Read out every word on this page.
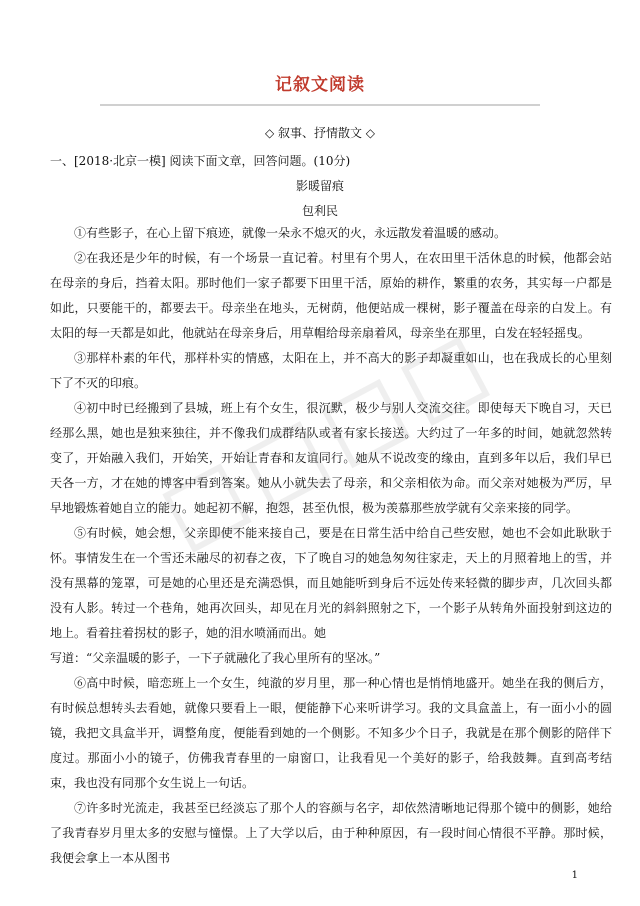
记叙文阅读
◇ 叙事、抒情散文 ◇
一、[2018·北京一模] 阅读下面文章，回答问题。(10分)
影暖留痕
包利民

①有些影子，在心上留下痕迹，就像一朵永不熄灭的火，永远散发着温暖的感动。

②在我还是少年的时候，有一个场景一直记着。村里有个男人，在农田里干活休息的时候，他都会站在母亲的身后，挡着太阳。那时他们一家子都要下田里干活，原始的耕作，繁重的农务，其实每一户都是如此，只要能干的，都要去干。母亲坐在地头，无树荫，他便站成一棵树，影子覆盖在母亲的白发上。有太阳的每一天都是如此，他就站在母亲身后，用草帽给母亲扇着风，母亲坐在那里，白发在轻轻摇曳。

③那样朴素的年代，那样朴实的情感，太阳在上，并不高大的影子却凝重如山，也在我成长的心里刻下了不灭的印痕。

④初中时已经搬到了县城，班上有个女生，很沉默，极少与别人交流交往。即使每天下晚自习，天已经那么黑，她也是独来独往，并不像我们成群结队或者有家长接送。大约过了一年多的时间，她就忽然转变了，开始融入我们，开始笑，开始让青春和友谊同行。她从不说改变的缘由，直到多年以后，我们早已天各一方，才在她的博客中看到答案。她从小就失去了母亲，和父亲相依为命。而父亲对她极为严厉，早早地锻炼着她自立的能力。她起初不解，抱怨，甚至仇恨，极为羡慕那些放学就有父亲来接的同学。

⑤有时候，她会想，父亲即使不能来接自己，要是在日常生活中给自己些安慰，她也不会如此耿耿于怀。事情发生在一个雪还未融尽的初春之夜，下了晚自习的她急匆匆往家走，天上的月照着地上的雪，并没有黑幕的笼罩，可是她的心里还是充满恐惧，而且她能听到身后不远处传来轻微的脚步声，几次回头都没有人影。转过一个巷角，她再次回头，却见在月光的斜斜照射之下，一个影子从转角外面投射到这边的地上。看着拄着拐杖的影子，她的泪水喷涌而出。她

写道：“父亲温暖的影子，一下子就融化了我心里所有的坚冰。”

⑥高中时候，暗恋班上一个女生，纯澈的岁月里，那一种心情也是悄悄地盛开。她坐在我的侧后方，有时候总想转头去看她，就像只要看上一眼，便能静下心来听讲学习。我的文具盒盖上，有一面小小的圆镜，我把文具盒半开，调整角度，便能看到她的一个侧影。不知多少个日子，我就是在那个侧影的陪伴下度过。那面小小的镜子，仿佛我青春里的一扇窗口，让我看见一个美好的影子，给我鼓舞。直到高考结束，我也没有同那个女生说上一句话。

⑦许多时光流走，我甚至已经淡忘了那个人的容颜与名字，却依然清晰地记得那个镜中的侧影，她给了我青春岁月里太多的安慰与憧憬。上了大学以后，由于种种原因，有一段时间心情很不平静。那时候，我便会拿上一本从图书

1
